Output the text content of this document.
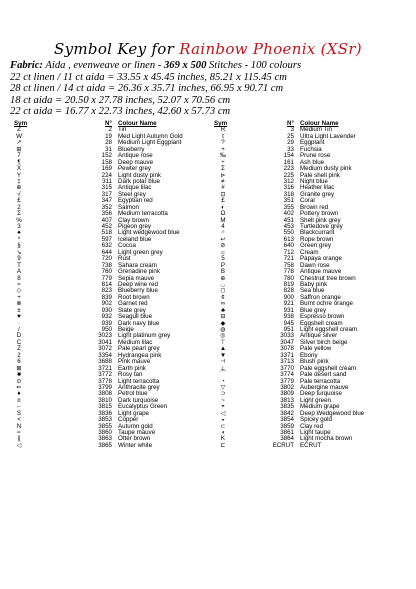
Symbol Key for Rainbow Phoenix (XSr)
Fabric: Aida , evenweave or linen - 369 x 500 Stitches - 100 colours
22 ct linen / 11 ct aida = 33.55 x 45.45 inches, 85.21 x 115.45 cm
28 ct linen / 14 ct aida = 26.36 x 35.71 inches, 66.95 x 90.71 cm
18 ct aida = 20.50 x 27.78 inches, 52.07 x 70.56 cm
22 ct aida = 16.77 x 22.73 inches, 42.60 x 57.73 cm
Sym	N° Colour Name	Sym	N° Colour Name
Z	2 Tin	R	3 Medium Tin
W	19 Med Light Autumn Gold	t	25 Ultra Light Lavender
↗	28 Medium Light Eggplant	?	29 Eggplant
⊞	31 Blueberry	+	33 Fuchsia
7	152 Antique rose	‰	154 Prune rose
¶	158 Deep mauve	÷	161 Ash blue
X	169 Pewter grey	Σ	223 Medium dusty pink
Y	224 Light dusty pink	⊳	225 Pale shell pink
‡	311 Dark polar blue	≠	312 Night blue
⊕	315 Antique lilac	#	316 Heather lilac
√	317 Steel grey	⊡	318 Granite grey
£	347 Egyptian red	£	351 Coral
2	352 Salmon	◐	355 Brown red
Σ	356 Medium terracotta	Ω	402 Pottery brown
%	407 Clay brown	M	451 Shell pink grey
3	452 Pigeon grey	4	453 Turtledove grey
♠	518 Light wedgewood blue	♂	550 Blackcurrant
*	597 Iceland blue	↩	613 Rope brown
§	632 Cocoa	⊘	640 Green grey
↘	644 Light green grey	☼	712 Cream
9	720 Rust	5	721 Papaya orange
T	738 Sahara cream	P	758 Dawn rose
A	760 Grenadine pink	B	778 Antique mauve
8	779 Sepia mauve	⊕	780 Chestnut tree brown
≈	814 Deep wine red	◡	819 Baby pink
◇	823 Blueberry blue	◻	828 Sea blue
+	839 Root brown	¢	900 Saffron orange
⊗	902 Garnet red	∞	921 Burnt ochre orange
±	930 Slate grey	♣	931 Blue grey
♥	932 Seagull blue	⊟	938 Espresso brown
·	939 Dark navy blue	◆	945 Eggshell cream
/	950 Beige	◍	951 Light eggshell cream
D	3023 Light platinum grey	◎	3033 Antique silver
C	3041 Medium lilac	⊤	3047 Silver birch beige
Z	3072 Pale pearl grey	▲	3078 Pale yellow
2	3354 Hydrangea pink	▼	3371 Ebony
6	3688 Pink mauve	⊣	3713 Blush pink
⊠	3721 Earth pink	⊥	3770 Pale eggshell cream
■	3772 Rosy tan	⌒	3774 Pale desert sand
⊙	3778 Light terracotta	◔	3779 Pale terracotta
⇐	3799 Anthracite grey	▽	3802 Aubergine mauve
♦	3808 Petrol blue	⊃	3809 Deep turquoise
¤	3810 Dark turquoise	~	3813 Light green
←	3815 Eucalyptus Green	◓	3835 Medium grape
S	3836 Light grape	◁	3842 Deep Wedgewood blue
<	3853 Copper	◒	3854 Spicey gold
N	3855 Autumn gold	⊂	3859 Clay red
≈	3860 Taupe mauve	◖	3861 Light taupe
∥	3863 Otter brown	K	3864 Light mocha brown
◁	3865 Winter white	⊏	ECRUT ECRUT
